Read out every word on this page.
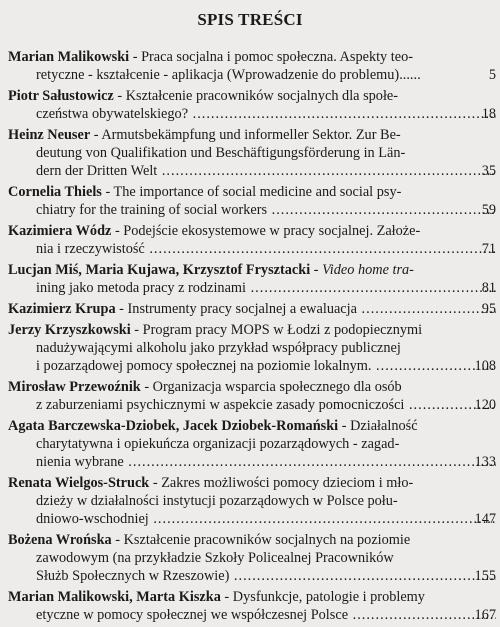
SPIS TREŚCI
Marian Malikowski - Praca socjalna i pomoc społeczna. Aspekty teo-
retyczne - kształcenie - aplikacja (Wprowadzenie do problemu)......	5
Piotr Sałustowicz - Kształcenie pracowników socjalnych dla społe-
czeństwa obywatelskiego? .....	18
Heinz Neuser - Armutsbekämpfung und informeller Sektor. Zur Be-
deutung von Qualifikation und Beschäftigungsförderung in Län-
dern der Dritten Welt .....	35
Cornelia Thiels - The importance of social medicine and social psy-
chiatry for the training of social workers .....	59
Kazimiera Wódz - Podejście ekosystemowe w pracy socjalnej. Założe-
nia i rzeczywistość .....	71
Lucjan Miś, Maria Kujawa, Krzysztof Frysztacki - Video home tra-
ining jako metoda pracy z rodzinami .....	81
Kazimierz Krupa - Instrumenty pracy socjalnej a ewaluacja .....	95
Jerzy Krzyszkowski - Program pracy MOPS w Łodzi z podopiecznymi
nadużywającymi alkoholu jako przykład współpracy publicznej
i pozarządowej pomocy społecznej na poziomie lokalnym. .....	108
Mirosław Przewoźnik - Organizacja wsparcia społecznego dla osób
z zaburzeniami psychicznymi w aspekcie zasady pomocniczości .....	120
Agata Barczewska-Dziobek, Jacek Dziobek-Romański - Działalność
charytatywna i opiekuńcza organizacji pozarządowych - zagad-
nienia wybrane .....	133
Renata Wielgos-Struck - Zakres możliwości pomocy dzieciom i mło-
dzieży w działalności instytucji pozarządowych w Polsce połu-
dniowo-wschodniej .....	147
Bożena Wrońska - Kształcenie pracowników socjalnych na poziomie
zawodowym (na przykładzie Szkoły Policealnej Pracowników
Służb Społecznych w Rzeszowie) .....	155
Marian Malikowski, Marta Kiszka - Dysfunkcje, patologie i problemy
etyczne w pomocy społecznej we współczesnej Polsce .....	167
